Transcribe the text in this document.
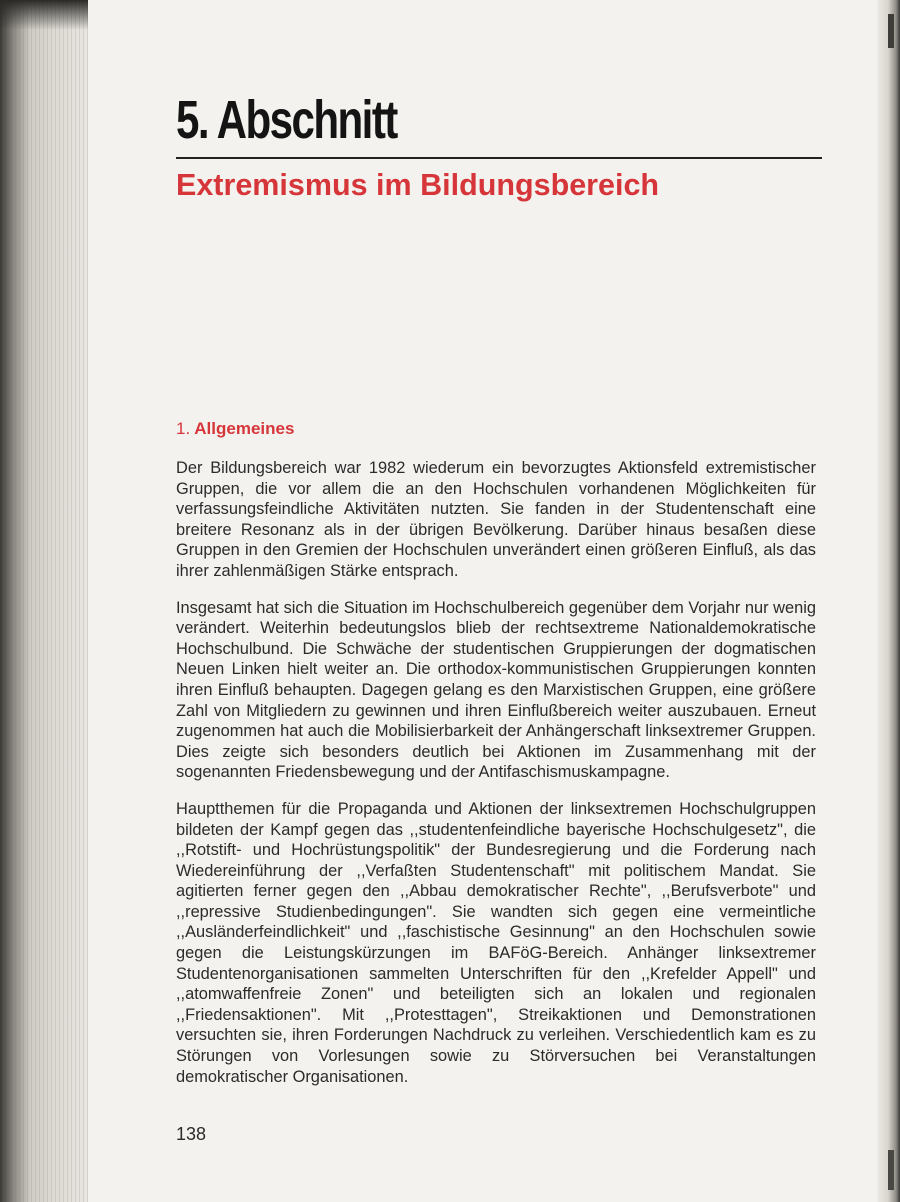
5. Abschnitt
Extremismus im Bildungsbereich
1. Allgemeines

Der Bildungsbereich war 1982 wiederum ein bevorzugtes Aktionsfeld extremistischer Gruppen, die vor allem die an den Hochschulen vorhandenen Möglichkeiten für verfassungsfeindliche Aktivitäten nutzten. Sie fanden in der Studentenschaft eine breitere Resonanz als in der übrigen Bevölkerung. Darüber hinaus besaßen diese Gruppen in den Gremien der Hochschulen unverändert einen größeren Einfluß, als das ihrer zahlenmäßigen Stärke entsprach.

Insgesamt hat sich die Situation im Hochschulbereich gegenüber dem Vorjahr nur wenig verändert. Weiterhin bedeutungslos blieb der rechtsextreme Nationaldemokratische Hochschulbund. Die Schwäche der studentischen Gruppierungen der dogmatischen Neuen Linken hielt weiter an. Die orthodox-kommunistischen Gruppierungen konnten ihren Einfluß behaupten. Dagegen gelang es den Marxistischen Gruppen, eine größere Zahl von Mitgliedern zu gewinnen und ihren Einflußbereich weiter auszubauen. Erneut zugenommen hat auch die Mobilisierbarkeit der Anhängerschaft linksextremer Gruppen. Dies zeigte sich besonders deutlich bei Aktionen im Zusammenhang mit der sogenannten Friedensbewegung und der Antifaschismuskampagne.

Hauptthemen für die Propaganda und Aktionen der linksextremen Hochschulgruppen bildeten der Kampf gegen das ,,studentenfeindliche bayerische Hochschulgesetz", die ,,Rotstift- und Hochrüstungspolitik" der Bundesregierung und die Forderung nach Wiedereinführung der ,,Verfaßten Studentenschaft" mit politischem Mandat. Sie agitierten ferner gegen den ,,Abbau demokratischer Rechte", ,,Berufsverbote" und ,,repressive Studienbedingungen". Sie wandten sich gegen eine vermeintliche ,,Ausländerfeindlichkeit" und ,,faschistische Gesinnung" an den Hochschulen sowie gegen die Leistungskürzungen im BAFöG-Bereich. Anhänger linksextremer Studentenorganisationen sammelten Unterschriften für den ,,Krefelder Appell" und ,,atomwaffenfreie Zonen" und beteiligten sich an lokalen und regionalen ,,Friedensaktionen". Mit ,,Protesttagen", Streikaktionen und Demonstrationen versuchten sie, ihren Forderungen Nachdruck zu verleihen. Verschiedentlich kam es zu Störungen von Vorlesungen sowie zu Störversuchen bei Veranstaltungen demokratischer Organisationen.

138
